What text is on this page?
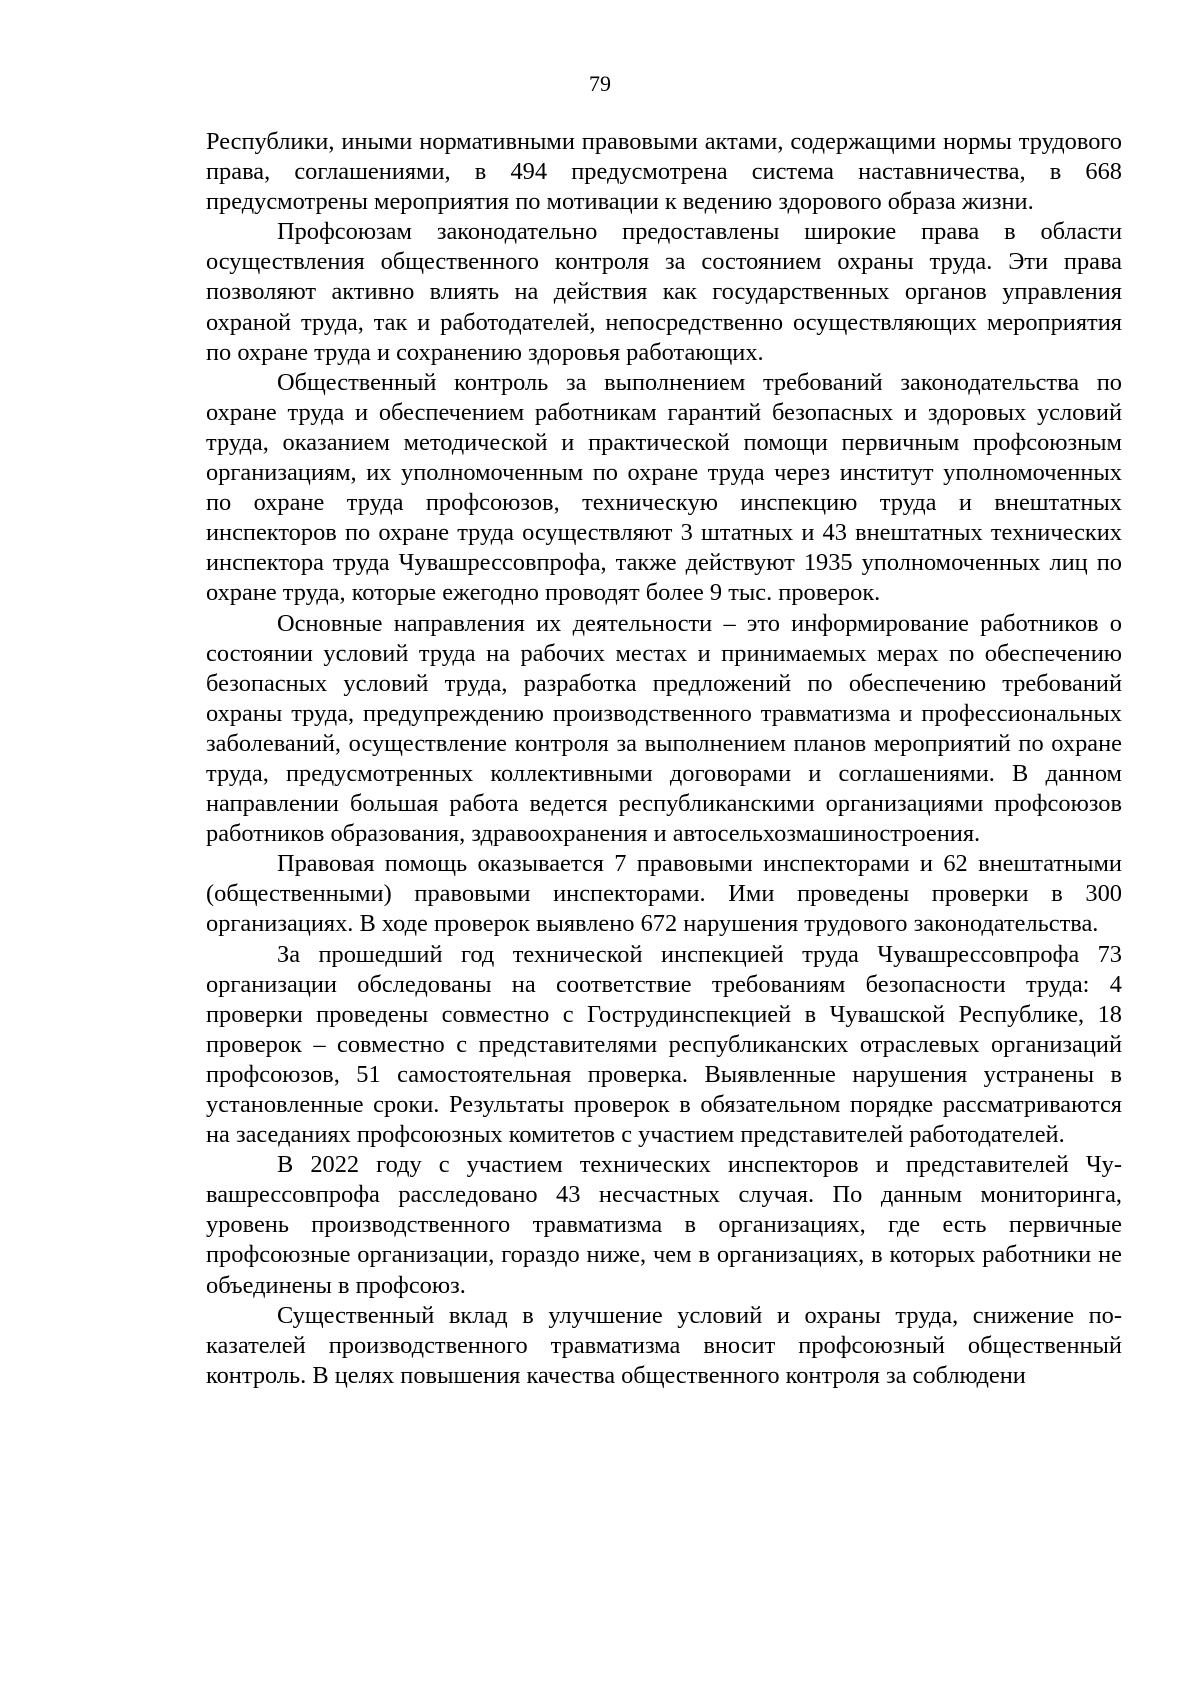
79

Республики, иными нормативными правовыми актами, содержащими нормы трудового права, соглашениями, в 494 предусмотрена система наставничества, в 668 предусмотрены мероприятия по мотивации к ведению здорового образа жизни.

Профсоюзам законодательно предоставлены широкие права в области осуществления общественного контроля за состоянием охраны труда. Эти права позволяют активно влиять на действия как государственных органов управления охраной труда, так и работодателей, непосредственно осуществляющих мероприятия по охране труда и сохранению здоровья работающих.

Общественный контроль за выполнением требований законодательства по охране труда и обеспечением работникам гарантий безопасных и здоровых условий труда, оказанием методической и практической помощи первичным профсоюзным организациям, их уполномоченным по охране труда через институт уполномоченных по охране труда профсоюзов, техническую инспекцию труда и внештатных инспекторов по охране труда осуществляют 3 штатных и 43 внештатных технических инспектора труда Чувашрессовпрофа, также действуют 1935 уполномоченных лиц по охране труда, которые ежегодно проводят более 9 тыс. проверок.

Основные направления их деятельности – это информирование работников о состоянии условий труда на рабочих местах и принимаемых мерах по обеспечению безопасных условий труда, разработка предложений по обеспечению требований охраны труда, предупреждению производственного травматизма и профессиональных заболеваний, осуществление контроля за выполнением планов мероприятий по охране труда, предусмотренных коллективными договорами и соглашениями. В данном направлении большая работа ведется республиканскими организациями профсоюзов работников образования, здравоохранения и автосельхозмашиностроения.

Правовая помощь оказывается 7 правовыми инспекторами и 62 внештатными (общественными) правовыми инспекторами. Ими проведены проверки в 300 организациях. В ходе проверок выявлено 672 нарушения трудового законодательства.

За прошедший год технической инспекцией труда Чувашрессовпрофа 73 организации обследованы на соответствие требованиям безопасности труда: 4 проверки проведены совместно с Гострудинспекцией в Чувашской Республике, 18 проверок – совместно с представителями республиканских отраслевых организаций профсоюзов, 51 самостоятельная проверка. Выявленные нарушения устранены в установленные сроки. Результаты проверок в обязательном порядке рассматриваются на заседаниях профсоюзных комитетов с участием представителей работодателей.

В 2022 году с участием технических инспекторов и представителей Чувашрессовпрофа расследовано 43 несчастных случая. По данным мониторинга, уровень производственного травматизма в организациях, где есть первичные профсоюзные организации, гораздо ниже, чем в организациях, в которых работники не объединены в профсоюз.

Существенный вклад в улучшение условий и охраны труда, снижение показателей производственного травматизма вносит профсоюзный общественный контроль. В целях повышения качества общественного контроля за соблюдени
